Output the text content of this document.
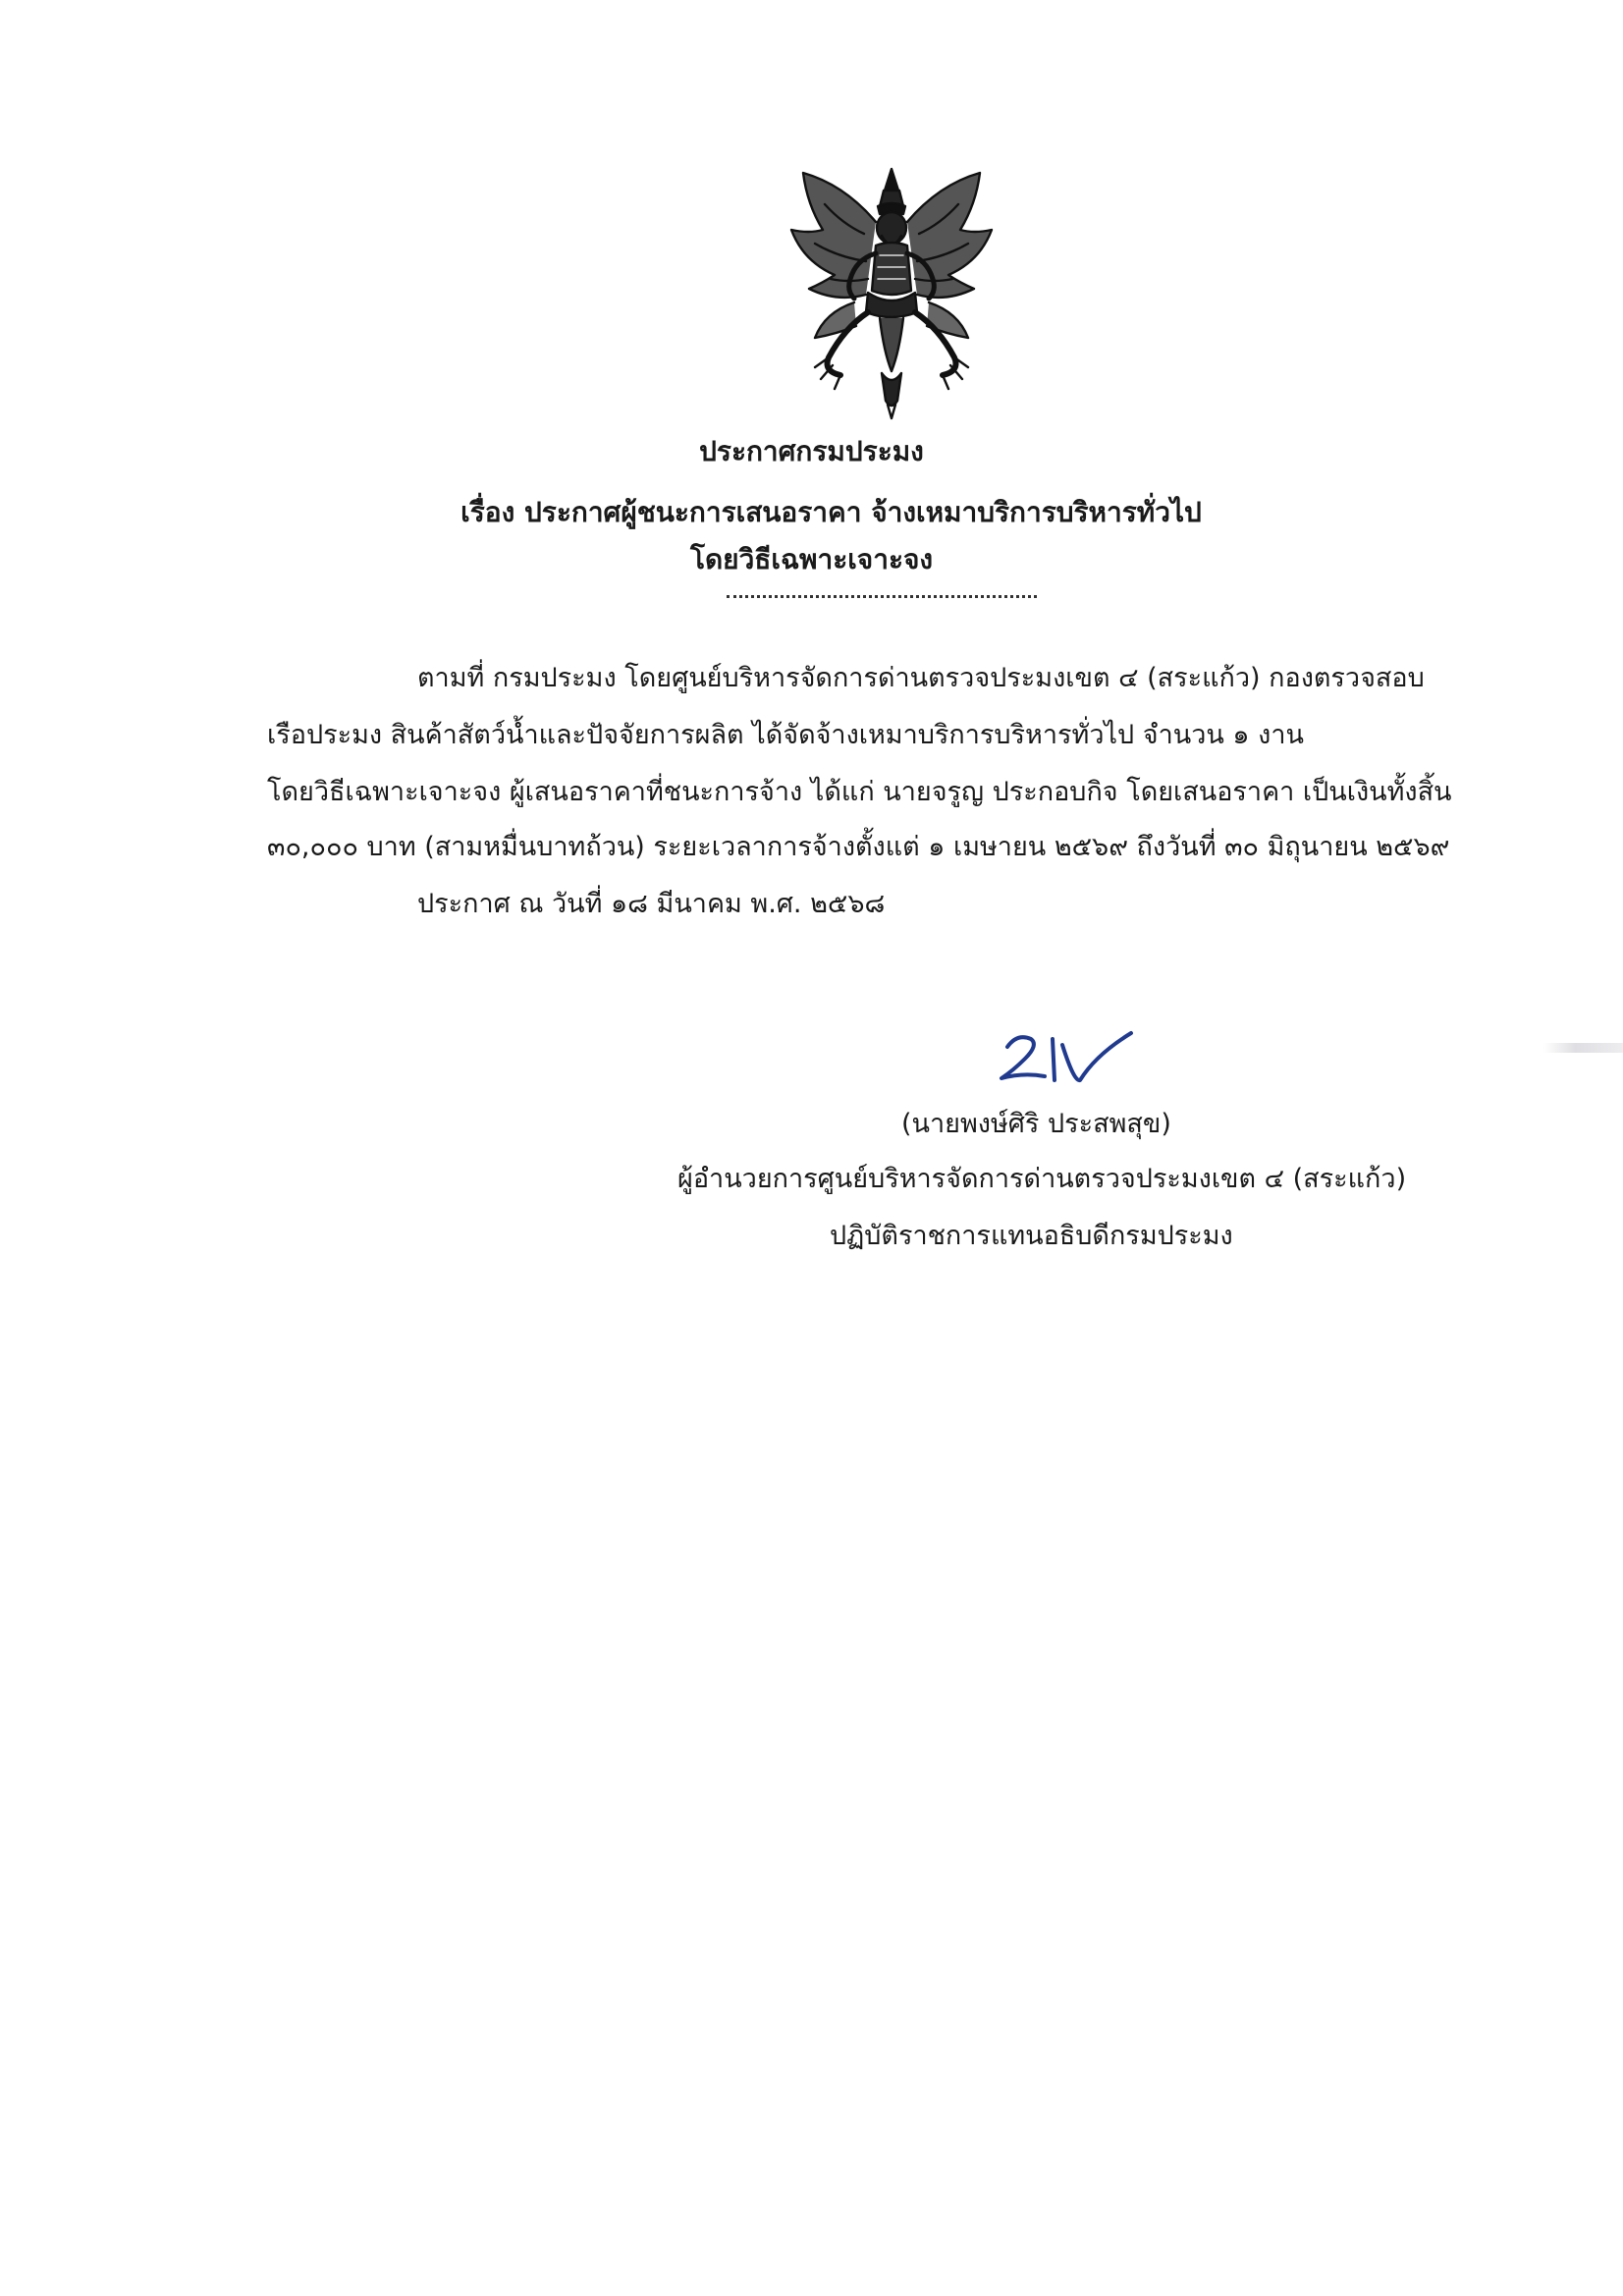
ประกาศกรมประมง
เรื่อง ประกาศผู้ชนะการเสนอราคา จ้างเหมาบริการบริหารทั่วไป
โดยวิธีเฉพาะเจาะจง
ตามที่ กรมประมง โดยศูนย์บริหารจัดการด่านตรวจประมงเขต ๔ (สระแก้ว) กองตรวจสอบ
เรือประมง สินค้าสัตว์น้ำและปัจจัยการผลิต ได้จัดจ้างเหมาบริการบริหารทั่วไป จำนวน ๑ งาน
โดยวิธีเฉพาะเจาะจง ผู้เสนอราคาที่ชนะการจ้าง ได้แก่ นายจรูญ ประกอบกิจ โดยเสนอราคา เป็นเงินทั้งสิ้น
๓๐,๐๐๐ บาท (สามหมื่นบาทถ้วน) ระยะเวลาการจ้างตั้งแต่ ๑ เมษายน ๒๕๖๙ ถึงวันที่ ๓๐ มิถุนายน ๒๕๖๙
ประกาศ ณ วันที่ ๑๘ มีนาคม พ.ศ. ๒๕๖๘
(นายพงษ์ศิริ ประสพสุข)
ผู้อำนวยการศูนย์บริหารจัดการด่านตรวจประมงเขต ๔ (สระแก้ว)
ปฏิบัติราชการแทนอธิบดีกรมประมง
